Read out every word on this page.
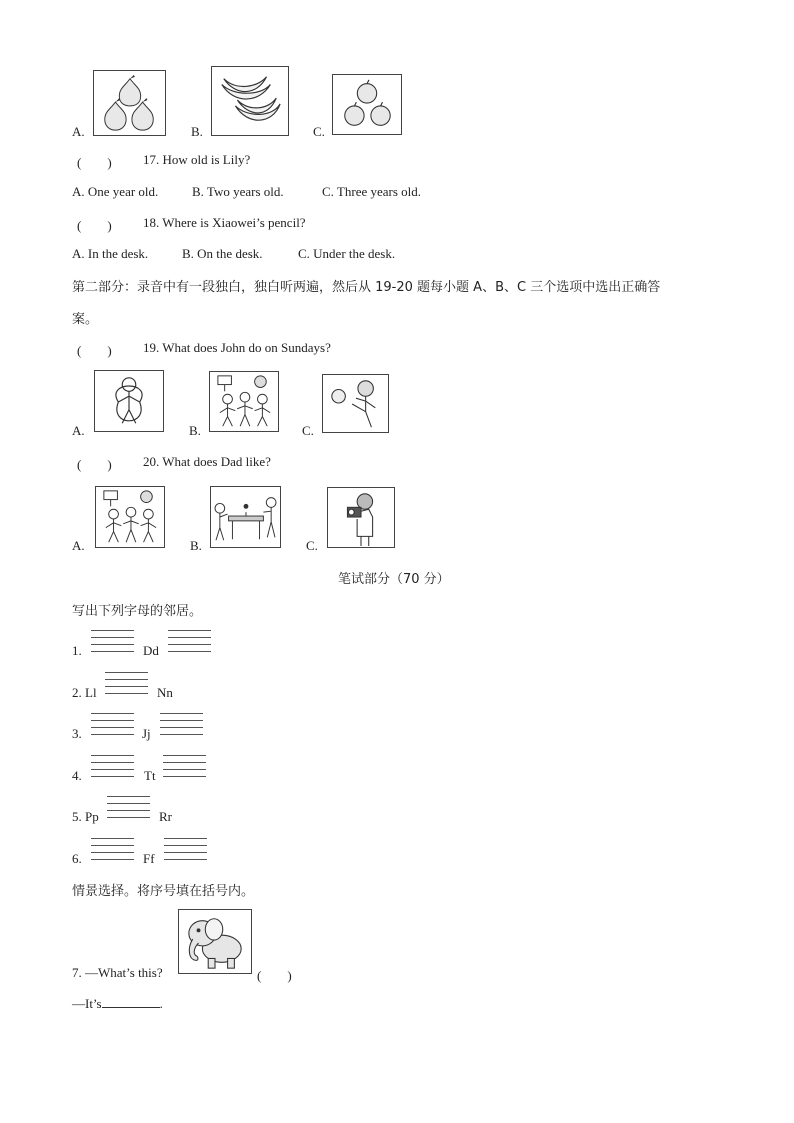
A.	B.	C.
(　　) 17. How old is Lily?
A. One year old.	B. Two years old.	C. Three years old.
(　　) 18. Where is Xiaowei’s pencil?
A. In the desk.	B. On the desk.	C. Under the desk.
第二部分：录音中有一段独白，独白听两遍，然后从 19-20 题每小题 A、B、C 三个选项中选出正确答
案。
(　　) 19. What does John do on Sundays?
A.	B.	C.
(　　) 20. What does Dad like?
A.	B.	C.
笔试部分（70 分）
写出下列字母的邻居。
1.	Dd
2. Ll	Nn
3.	Jj
4.	Tt
5. Pp	Rr
6.	Ff
情景选择。将序号填在括号内。
7. —What’s this?	(　　)
—It’s	.
